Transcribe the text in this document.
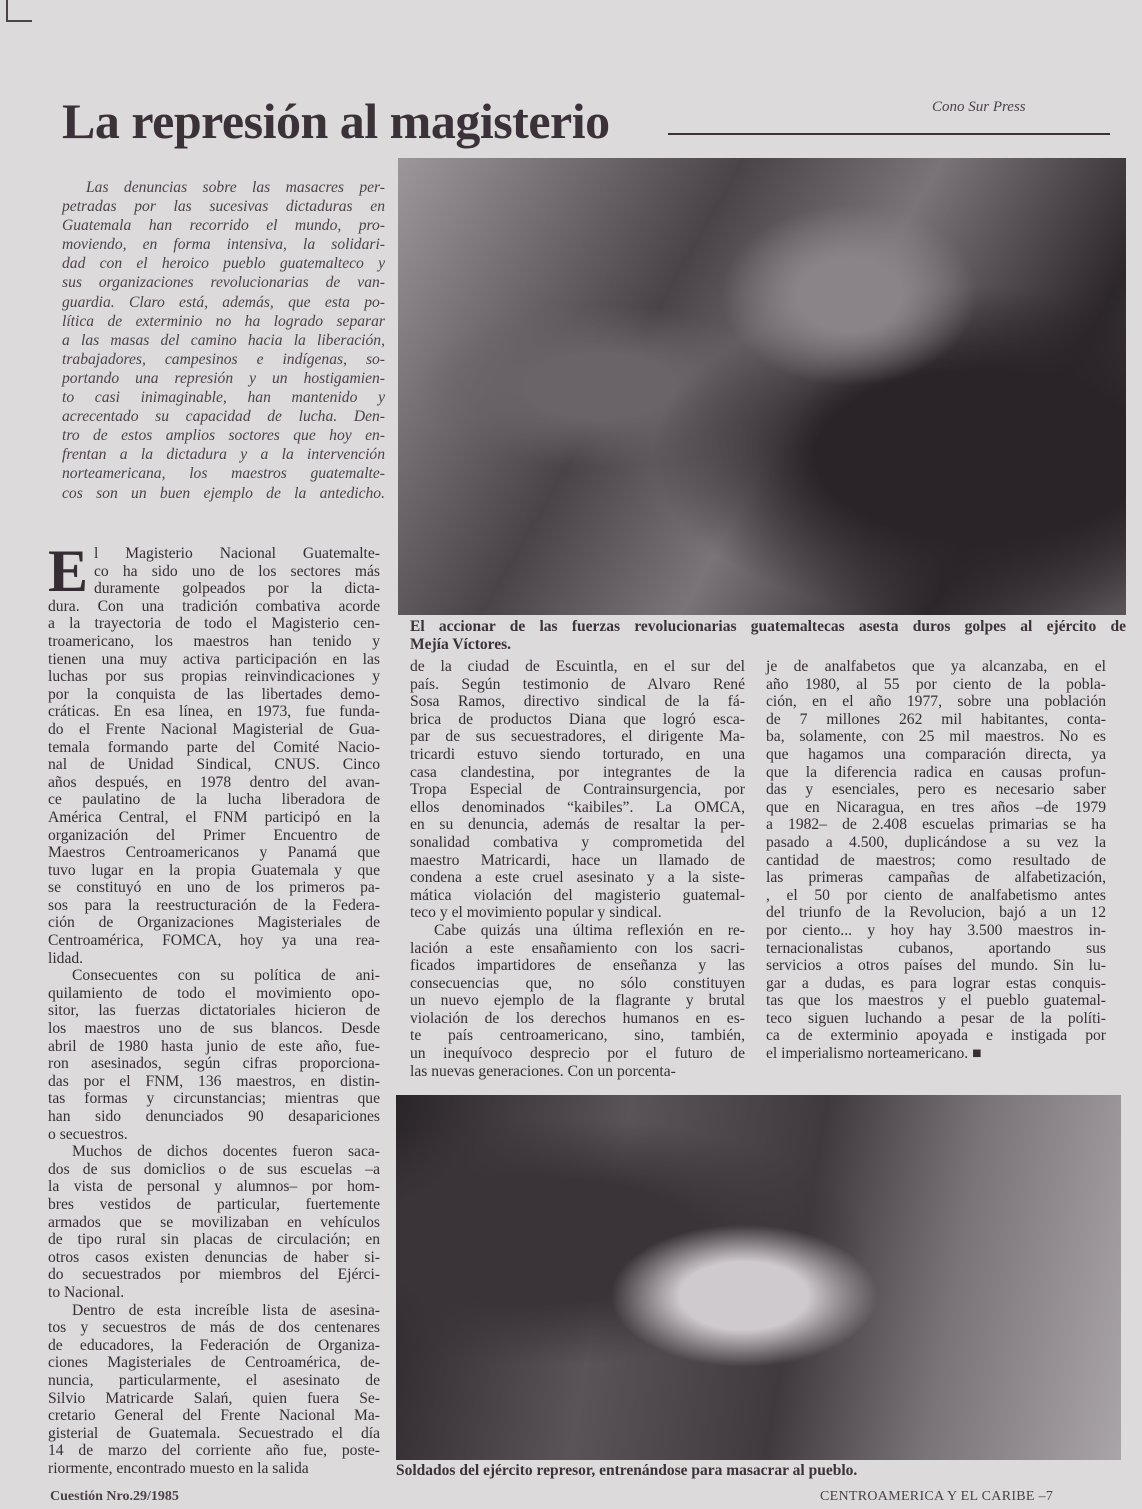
La represión al magisterio	Cono Sur Press
Las denuncias sobre las masacres per-
petradas por las sucesivas dictaduras en
Guatemala han recorrido el mundo, pro-
moviendo, en forma intensiva, la solidari-
dad con el heroico pueblo guatemalteco y
sus organizaciones revolucionarias de van-
guardia. Claro está, además, que esta po-
lítica de exterminio no ha logrado separar
a las masas del camino hacia la liberación,
trabajadores, campesinos e indígenas, so-
portando una represión y un hostigamien-
to casi inimaginable, han mantenido y
acrecentado su capacidad de lucha. Den-
tro de estos amplios soctores que hoy en-
frentan a la dictadura y a la intervención
norteamericana, los maestros guatemalte-
cos son un buen ejemplo de la antedicho.
El accionar de las fuerzas revolucionarias guatemaltecas asesta duros golpes al ejército de
Mejía Víctores.
E l Magisterio Nacional Guatemalte-
co ha sido uno de los sectores más
duramente golpeados por la dicta-
dura. Con una tradición combativa acorde
a la trayectoria de todo el Magisterio cen-
troamericano, los maestros han tenido y
tienen una muy activa participación en las
luchas por sus propias reinvindicaciones y
por la conquista de las libertades demo-
cráticas. En esa línea, en 1973, fue funda-
do el Frente Nacional Magisterial de Gua-
temala formando parte del Comité Nacio-
nal de Unidad Sindical, CNUS. Cinco
años después, en 1978 dentro del avan-
ce paulatino de la lucha liberadora de
América Central, el FNM participó en la
organización del Primer Encuentro de
Maestros Centroamericanos y Panamá que
tuvo lugar en la propia Guatemala y que
se constituyó en uno de los primeros pa-
sos para la reestructuración de la Federa-
ción de Organizaciones Magisteriales de
Centroamérica, FOMCA, hoy ya una rea-
lidad.
Consecuentes con su política de ani-
quilamiento de todo el movimiento opo-
sitor, las fuerzas dictatoriales hicieron de
los maestros uno de sus blancos. Desde
abril de 1980 hasta junio de este año, fue-
ron asesinados, según cifras proporciona-
das por el FNM, 136 maestros, en distin-
tas formas y circunstancias; mientras que
han sido denunciados 90 desapariciones
o secuestros.
Muchos de dichos docentes fueron saca-
dos de sus domiclios o de sus escuelas –a
la vista de personal y alumnos– por hom-
bres vestidos de particular, fuertemente
armados que se movilizaban en vehículos
de tipo rural sin placas de circulación; en
otros casos existen denuncias de haber si-
do secuestrados por miembros del Ejérci-
to Nacional.
Dentro de esta increíble lista de asesina-
tos y secuestros de más de dos centenares
de educadores, la Federación de Organiza-
ciones Magisteriales de Centroamérica, de-
nuncia, particularmente, el asesinato de
Silvio Matricarde Salań, quien fuera Se-
cretario General del Frente Nacional Ma-
gisterial de Guatemala. Secuestrado el día
14 de marzo del corriente año fue, poste-
riormente, encontrado muesto en la salida
de la ciudad de Escuintla, en el sur del
país. Según testimonio de Alvaro René
Sosa Ramos, directivo sindical de la fá-
brica de productos Diana que logró esca-
par de sus secuestradores, el dirigente Ma-
tricardi estuvo siendo torturado, en una
casa clandestina, por integrantes de la
Tropa Especial de Contrainsurgencia, por
ellos denominados “kaibiles”. La OMCA,
en su denuncia, además de resaltar la per-
sonalidad combativa y comprometida del
maestro Matricardi, hace un llamado de
condena a este cruel asesinato y a la siste-
mática violación del magisterio guatemal-
teco y el movimiento popular y sindical.
Cabe quizás una última reflexión en re-
lación a este ensañamiento con los sacri-
ficados impartidores de enseñanza y las
consecuencias que, no sólo constituyen
un nuevo ejemplo de la flagrante y brutal
violación de los derechos humanos en es-
te país centroamericano, sino, también,
un inequívoco desprecio por el futuro de
las nuevas generaciones. Con un porcenta-
je de analfabetos que ya alcanzaba, en el
año 1980, al 55 por ciento de la pobla-
ción, en el año 1977, sobre una población
de 7 millones 262 mil habitantes, conta-
ba, solamente, con 25 mil maestros. No es
que hagamos una comparación directa, ya
que la diferencia radica en causas profun-
das y esenciales, pero es necesario saber
que en Nicaragua, en tres años –de 1979
a 1982– de 2.408 escuelas primarias se ha
pasado a 4.500, duplicándose a su vez la
cantidad de maestros; como resultado de
las primeras campañas de alfabetización,
, el 50 por ciento de analfabetismo antes
del triunfo de la Revolucion, bajó a un 12
por ciento... y hoy hay 3.500 maestros in-
ternacionalistas cubanos, aportando sus
servicios a otros países del mundo. Sin lu-
gar a dudas, es para lograr estas conquis-
tas que los maestros y el pueblo guatemal-
teco siguen luchando a pesar de la políti-
ca de exterminio apoyada e instigada por
el imperialismo norteamericano. ■
Soldados del ejército represor, entrenándose para masacrar al pueblo.
Cuestión Nro.29/1985	CENTROAMERICA Y EL CARIBE –7
